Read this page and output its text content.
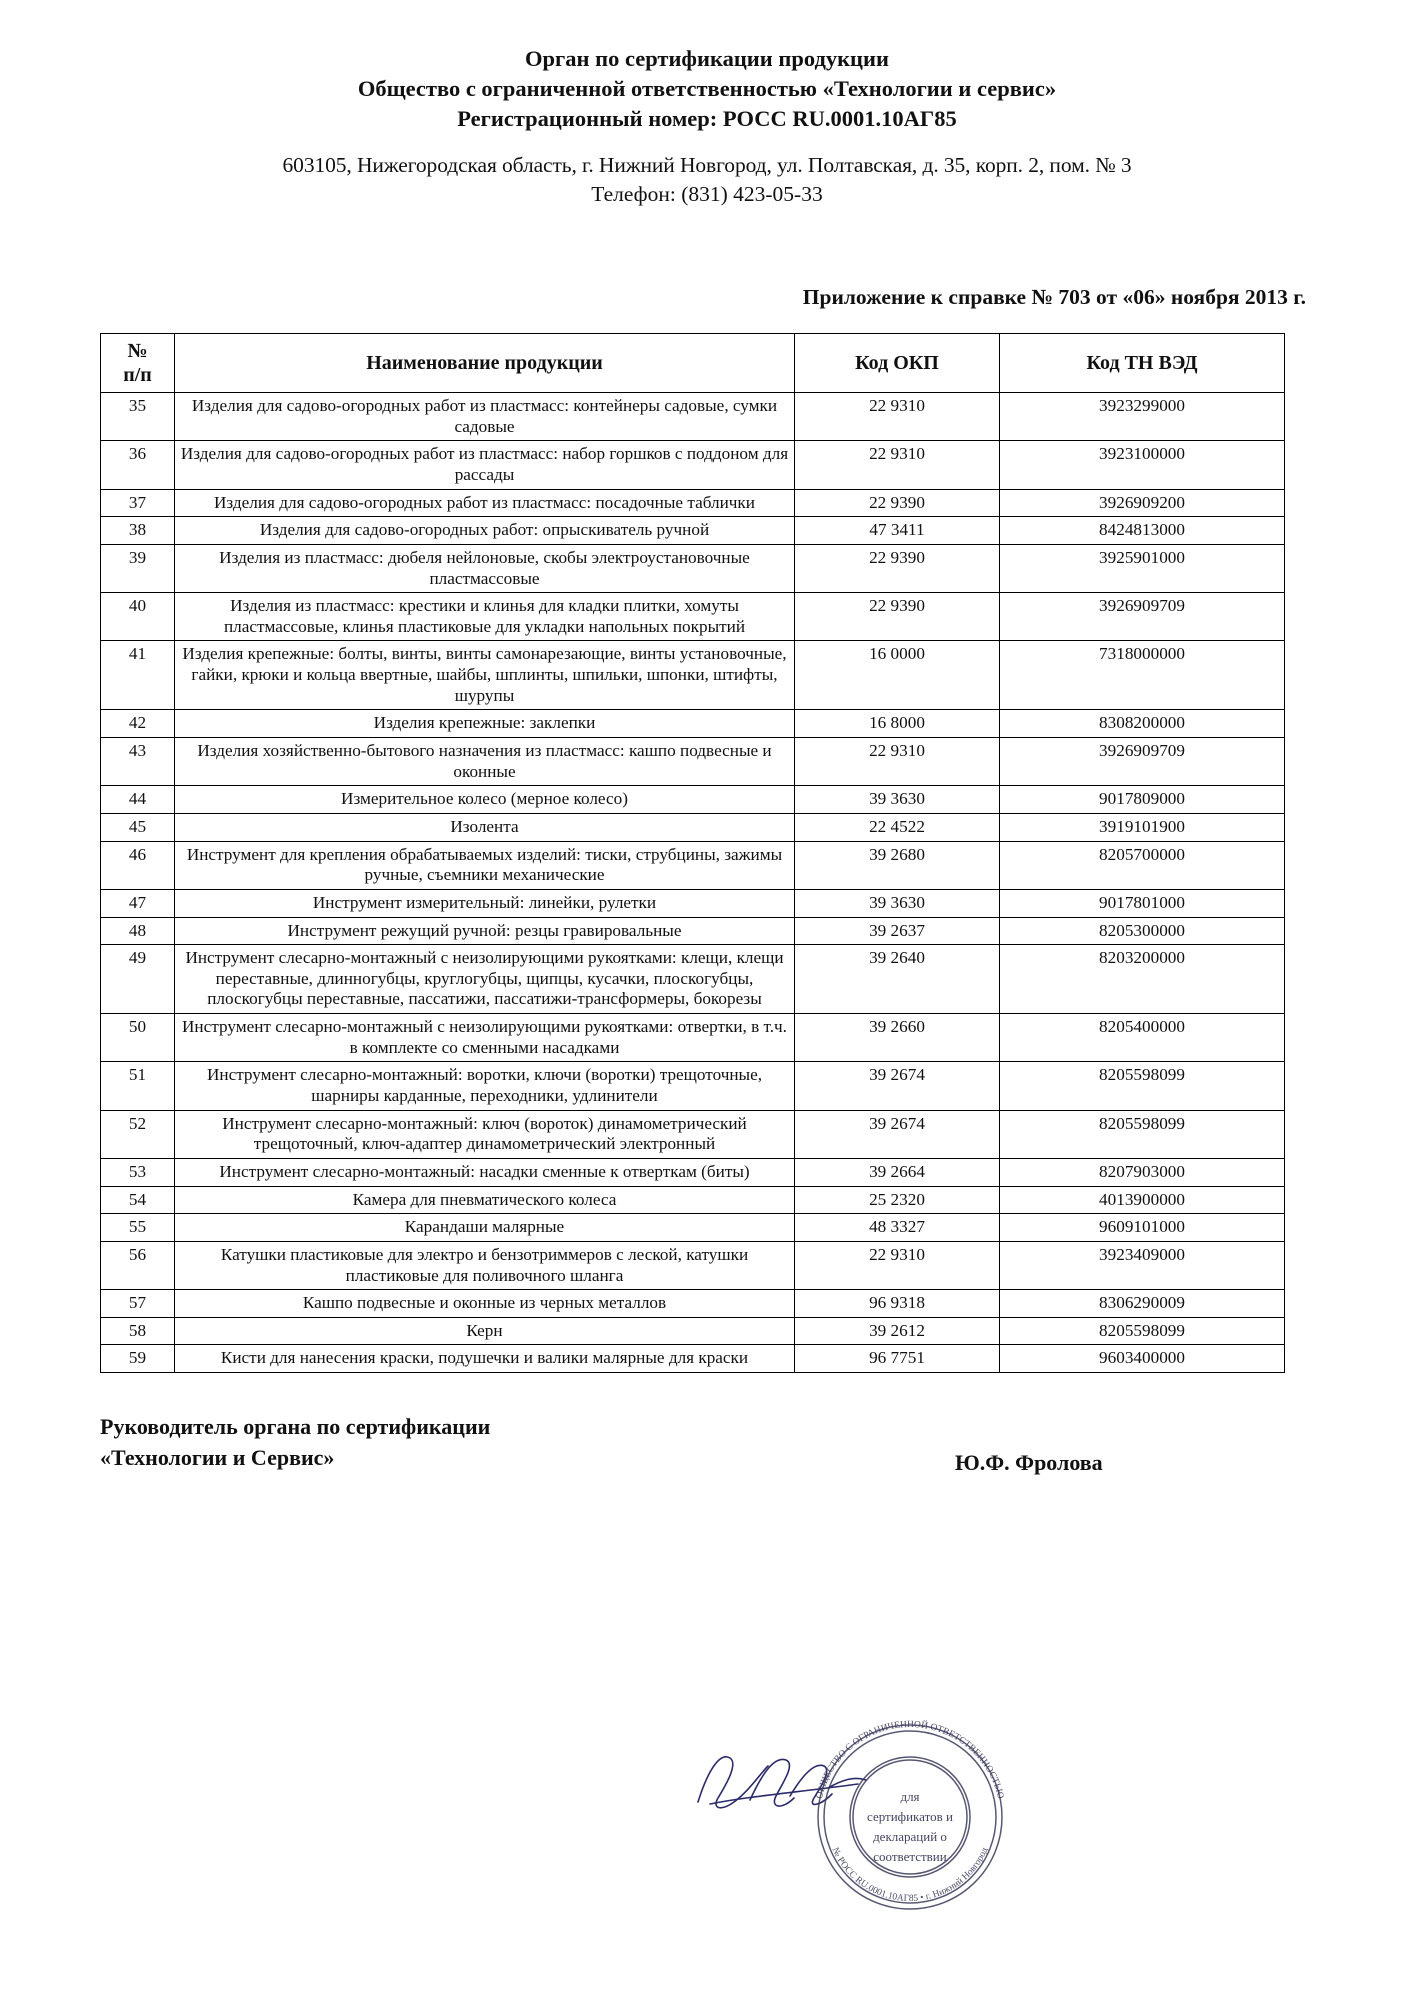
Орган по сертификации продукции
Общество с ограниченной ответственностью «Технологии и сервис»
Регистрационный номер: РОСС RU.0001.10АГ85
603105, Нижегородская область, г. Нижний Новгород, ул. Полтавская, д. 35, корп. 2, пом. № 3
Телефон: (831) 423-05-33
Приложение к справке № 703 от «06» ноября 2013 г.
№
п/п	Наименование продукции	Код ОКП	Код ТН ВЭД
35	Изделия для садово-огородных работ из пластмасс: контейнеры садовые, сумки садовые	22 9310	3923299000
36	Изделия для садово-огородных работ из пластмасс: набор горшков с поддоном для рассады	22 9310	3923100000
37	Изделия для садово-огородных работ из пластмасс: посадочные таблички	22 9390	3926909200
38	Изделия для садово-огородных работ: опрыскиватель ручной	47 3411	8424813000
39	Изделия из пластмасс: дюбеля нейлоновые, скобы электроустановочные пластмассовые	22 9390	3925901000
40	Изделия из пластмасс: крестики и клинья для кладки плитки, хомуты пластмассовые, клинья пластиковые для укладки напольных покрытий	22 9390	3926909709
41	Изделия крепежные: болты, винты, винты самонарезающие, винты установочные, гайки, крюки и кольца ввертные, шайбы, шплинты, шпильки, шпонки, штифты, шурупы	16 0000	7318000000
42	Изделия крепежные: заклепки	16 8000	8308200000
43	Изделия хозяйственно-бытового назначения из пластмасс: кашпо подвесные и оконные	22 9310	3926909709
44	Измерительное колесо (мерное колесо)	39 3630	9017809000
45	Изолента	22 4522	3919101900
46	Инструмент для крепления обрабатываемых изделий: тиски, струбцины, зажимы ручные, съемники механические	39 2680	8205700000
47	Инструмент измерительный: линейки, рулетки	39 3630	9017801000
48	Инструмент режущий ручной: резцы гравировальные	39 2637	8205300000
49	Инструмент слесарно-монтажный с неизолирующими рукоятками: клещи, клещи переставные, длинногубцы, круглогубцы, щипцы, кусачки, плоскогубцы, плоскогубцы переставные, пассатижи, пассатижи-трансформеры, бокорезы	39 2640	8203200000
50	Инструмент слесарно-монтажный с неизолирующими рукоятками: отвертки, в т.ч. в комплекте со сменными насадками	39 2660	8205400000
51	Инструмент слесарно-монтажный: воротки, ключи (воротки) трещоточные, шарниры карданные, переходники, удлинители	39 2674	8205598099
52	Инструмент слесарно-монтажный: ключ (вороток) динамометрический трещоточный, ключ-адаптер динамометрический электронный	39 2674	8205598099
53	Инструмент слесарно-монтажный: насадки сменные к отверткам (биты)	39 2664	8207903000
54	Камера для пневматического колеса	25 2320	4013900000
55	Карандаши малярные	48 3327	9609101000
56	Катушки пластиковые для электро и бензотриммеров с леской, катушки пластиковые для поливочного шланга	22 9310	3923409000
57	Кашпо подвесные и оконные из черных металлов	96 9318	8306290009
58	Керн	39 2612	8205598099
59	Кисти для нанесения краски, подушечки и валики малярные для краски	96 7751	9603400000
Руководитель органа по сертификации
«Технологии и Сервис»	Ю.Ф. Фролова
ОБЩЕСТВО С ОГРАНИЧЕННОЙ ОТВЕТСТВЕННОСТЬЮ
№ РОСС RU.0001.10АГ85 • г. Нижний Новгород
для
сертификатов и
деклараций о
соответствии
